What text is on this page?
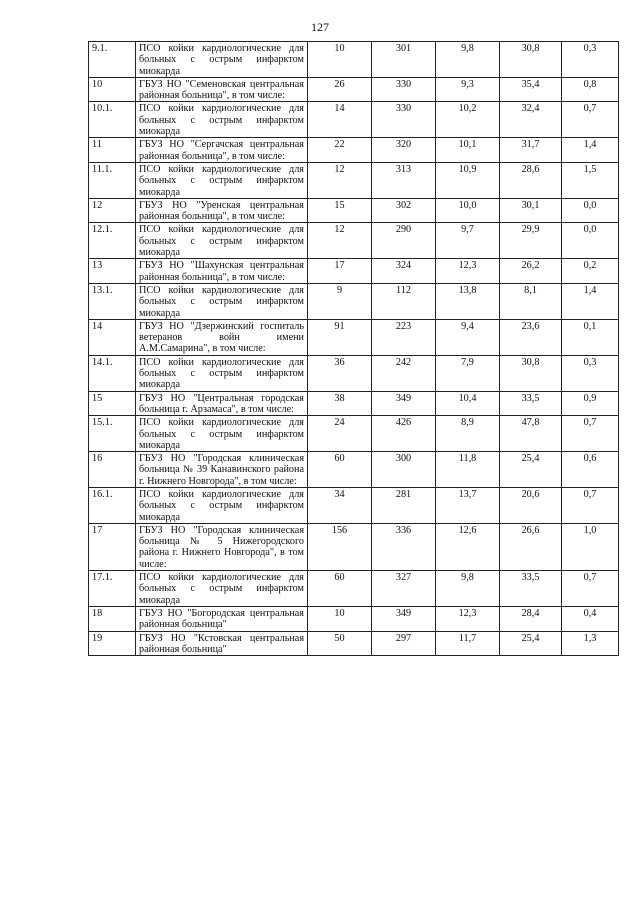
127
9.1.	ПСО койки кардиологические для больных с острым инфарктом миокарда	10	301	9,8	30,8	0,3
10	ГБУЗ НО "Семеновская центральная районная больница", в том числе:	26	330	9,3	35,4	0,8
10.1.	ПСО койки кардиологические для больных с острым инфарктом миокарда	14	330	10,2	32,4	0,7
11	ГБУЗ НО "Сергачская центральная районная больница", в том числе:	22	320	10,1	31,7	1,4
11.1.	ПСО койки кардиологические для больных с острым инфарктом миокарда	12	313	10,9	28,6	1,5
12	ГБУЗ НО "Уренская центральная районная больница", в том числе:	15	302	10,0	30,1	0,0
12.1.	ПСО койки кардиологические для больных с острым инфарктом миокарда	12	290	9,7	29,9	0,0
13	ГБУЗ НО "Шахунская центральная районная больница", в том числе:	17	324	12,3	26,2	0,2
13.1.	ПСО койки кардиологические для больных с острым инфарктом миокарда	9	112	13,8	8,1	1,4
14	ГБУЗ НО "Дзержинский госпиталь ветеранов войн имени А.М.Самарина", в том числе:	91	223	9,4	23,6	0,1
14.1.	ПСО койки кардиологические для больных с острым инфарктом миокарда	36	242	7,9	30,8	0,3
15	ГБУЗ НО "Центральная городская больница г. Арзамаса", в том числе:	38	349	10,4	33,5	0,9
15.1.	ПСО койки кардиологические для больных с острым инфарктом миокарда	24	426	8,9	47,8	0,7
16	ГБУЗ НО "Городская клиническая больница № 39 Канавинского района г. Нижнего Новгорода", в том числе:	60	300	11,8	25,4	0,6
16.1.	ПСО койки кардиологические для больных с острым инфарктом миокарда	34	281	13,7	20,6	0,7
17	ГБУЗ НО "Городская клиническая больница № 5 Нижегородского района г. Нижнего Новгорода", в том числе:	156	336	12,6	26,6	1,0
17.1.	ПСО койки кардиологические для больных с острым инфарктом миокарда	60	327	9,8	33,5	0,7
18	ГБУЗ НО "Богородская центральная районная больница"	10	349	12,3	28,4	0,4
19	ГБУЗ НО "Кстовская центральная районная больница"	50	297	11,7	25,4	1,3
